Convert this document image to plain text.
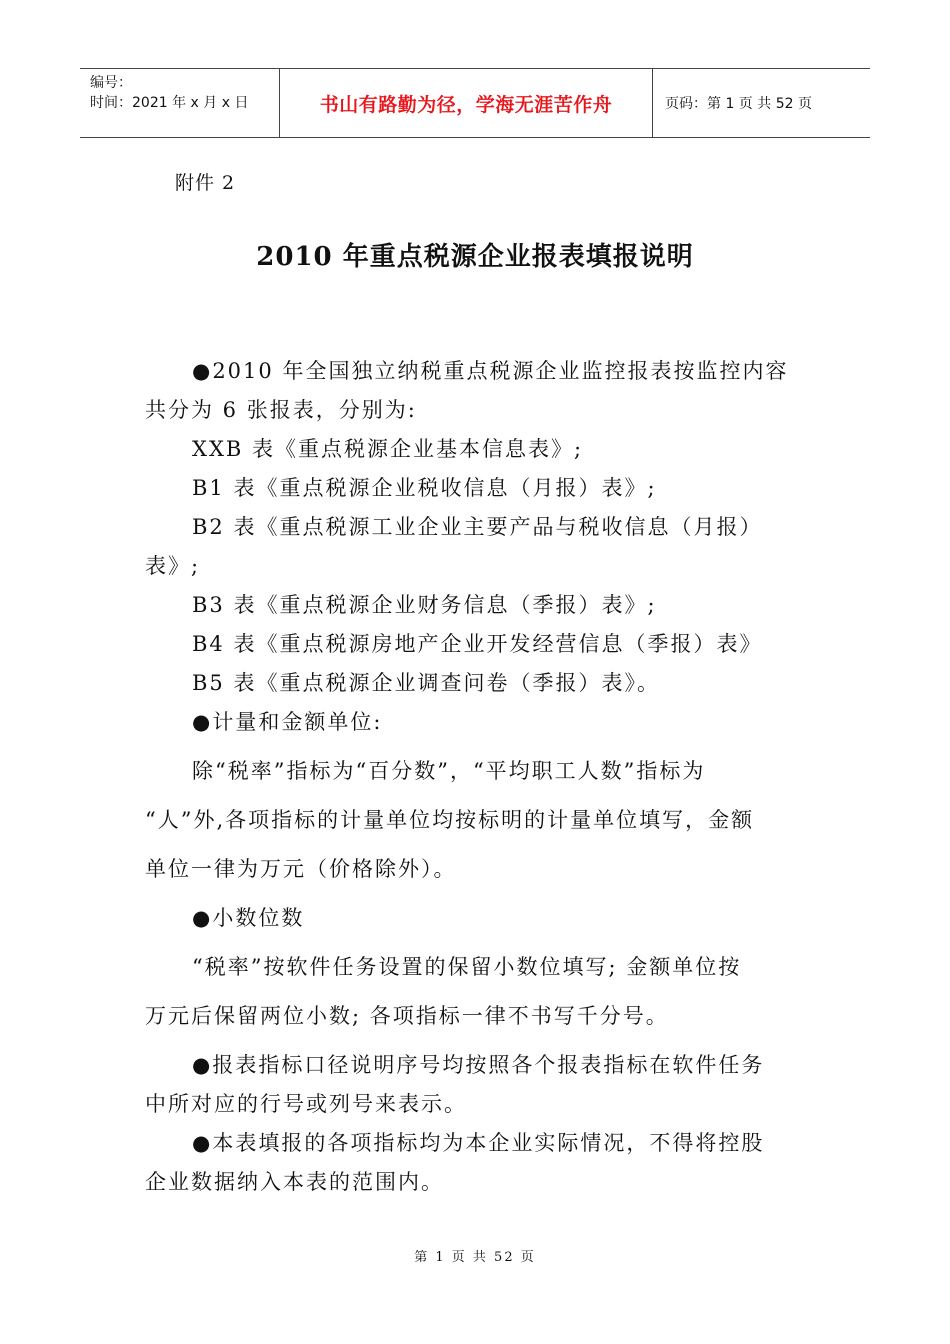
编号：
时间：2021 年 x 月 x 日	书山有路勤为径，学海无涯苦作舟	页码：第 1 页 共 52 页
附件 2
2010 年重点税源企业报表填报说明
●2010 年全国独立纳税重点税源企业监控报表按监控内容
共分为 6 张报表，分别为:
XXB 表《重点税源企业基本信息表》;
B1 表《重点税源企业税收信息（月报）表》;
B2 表《重点税源工业企业主要产品与税收信息（月报）
表》;
B3 表《重点税源企业财务信息（季报）表》;
B4 表《重点税源房地产企业开发经营信息（季报）表》
B5 表《重点税源企业调查问卷（季报）表》。
●计量和金额单位:
除“税率”指标为“百分数”，“平均职工人数”指标为
“人”外,各项指标的计量单位均按标明的计量单位填写，金额
单位一律为万元（价格除外）。
●小数位数
“税率”按软件任务设置的保留小数位填写; 金额单位按
万元后保留两位小数; 各项指标一律不书写千分号。
●报表指标口径说明序号均按照各个报表指标在软件任务
中所对应的行号或列号来表示。
●本表填报的各项指标均为本企业实际情况，不得将控股
企业数据纳入本表的范围内。
第 1 页 共 52 页
